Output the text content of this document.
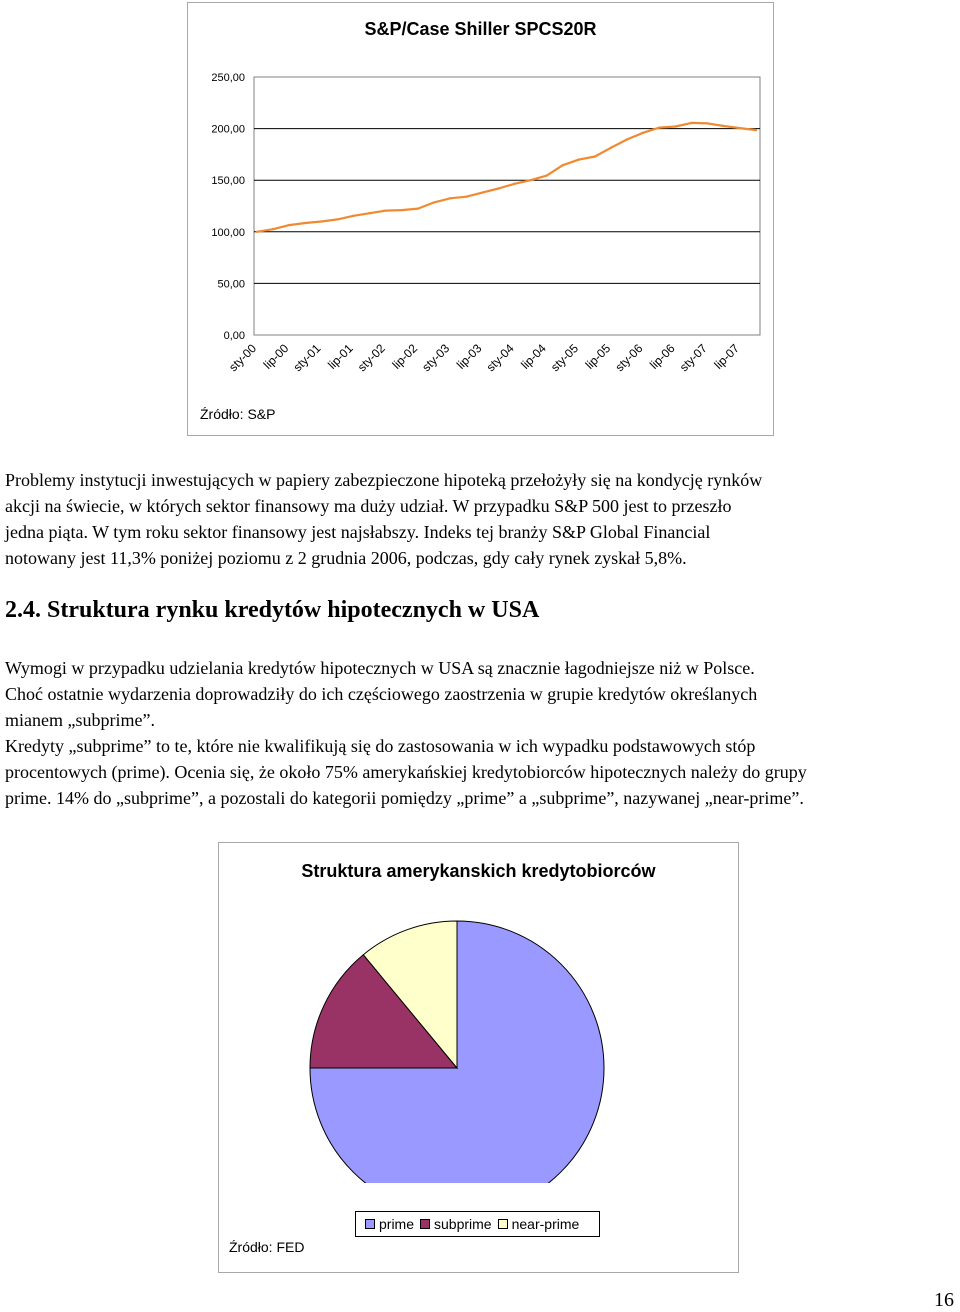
S&P/Case Shiller SPCS20R
0,00
50,00
100,00
150,00
200,00
250,00
sty-00 lip-00 sty-01 lip-01 sty-02 lip-02 sty-03 lip-03 sty-04 lip-04 sty-05 lip-05 sty-06 lip-06 sty-07 lip-07
Źródło: S&P
Problemy instytucji inwestujących w papiery zabezpieczone hipoteką przełożyły się na kondycję rynków
akcji na świecie, w których sektor finansowy ma duży udział. W przypadku S&P 500 jest to przeszło
jedna piąta. W tym roku sektor finansowy jest najsłabszy. Indeks tej branży S&P Global Financial
notowany jest 11,3% poniżej poziomu z 2 grudnia 2006, podczas, gdy cały rynek zyskał 5,8%.
2.4. Struktura rynku kredytów hipotecznych w USA
Wymogi w przypadku udzielania kredytów hipotecznych w USA są znacznie łagodniejsze niż w Polsce.
Choć ostatnie wydarzenia doprowadziły do ich częściowego zaostrzenia w grupie kredytów określanych
mianem „subprime”.
Kredyty „subprime” to te, które nie kwalifikują się do zastosowania w ich wypadku podstawowych stóp
procentowych (prime). Ocenia się, że około 75% amerykańskiej kredytobiorców hipotecznych należy do grupy
prime. 14% do „subprime”, a pozostali do kategorii pomiędzy „prime” a „subprime”, nazywanej „near-prime”.
Struktura amerykanskich kredytobiorców
Źródło: FED
prime subprime near-prime
16
